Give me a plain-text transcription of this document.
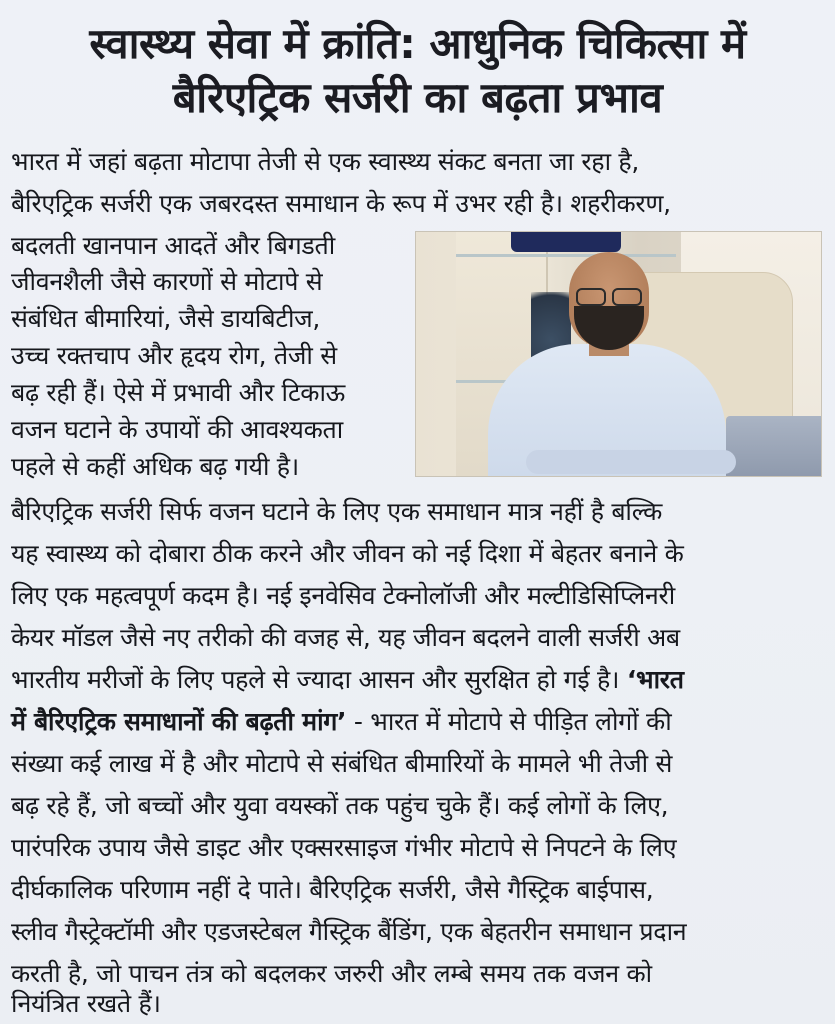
स्वास्थ्य सेवा में क्रांति: आधुनिक चिकित्सा में
बैरिएट्रिक सर्जरी का बढ़ता प्रभाव
भारत में जहां बढ़ता मोटापा तेजी से एक स्वास्थ्य संकट बनता जा रहा है,
बैरिएट्रिक सर्जरी एक जबरदस्त समाधान के रूप में उभर रही है। शहरीकरण,
बदलती खानपान आदतें और बिगडती
जीवनशैली जैसे कारणों से मोटापे से
संबंधित बीमारियां, जैसे डायबिटीज,
उच्च रक्तचाप और हृदय रोग, तेजी से
बढ़ रही हैं। ऐसे में प्रभावी और टिकाऊ
वजन घटाने के उपायों की आवश्यकता
पहले से कहीं अधिक बढ़ गयी है।
बैरिएट्रिक सर्जरी सिर्फ वजन घटाने के लिए एक समाधान मात्र नहीं है बल्कि
यह स्वास्थ्य को दोबारा ठीक करने और जीवन को नई दिशा में बेहतर बनाने के
लिए एक महत्वपूर्ण कदम है। नई इनवेसिव टेक्नोलॉजी और मल्टीडिसिप्लिनरी
केयर मॉडल जैसे नए तरीको की वजह से, यह जीवन बदलने वाली सर्जरी अब
भारतीय मरीजों के लिए पहले से ज्यादा आसन और सुरक्षित हो गई है। ‘भारत
में बैरिएट्रिक समाधानों की बढ़ती मांग’ - भारत में मोटापे से पीड़ित लोगों की
संख्या कई लाख में है और मोटापे से संबंधित बीमारियों के मामले भी तेजी से
बढ़ रहे हैं, जो बच्चों और युवा वयस्कों तक पहुंच चुके हैं। कई लोगों के लिए,
पारंपरिक उपाय जैसे डाइट और एक्सरसाइज गंभीर मोटापे से निपटने के लिए
दीर्घकालिक परिणाम नहीं दे पाते। बैरिएट्रिक सर्जरी, जैसे गैस्ट्रिक बाईपास,
स्लीव गैस्ट्रेक्टॉमी और एडजस्टेबल गैस्ट्रिक बैंडिंग, एक बेहतरीन समाधान प्रदान
करती है, जो पाचन तंत्र को बदलकर जरुरी और लम्बे समय तक वजन को
नियंत्रित रखते हैं।
